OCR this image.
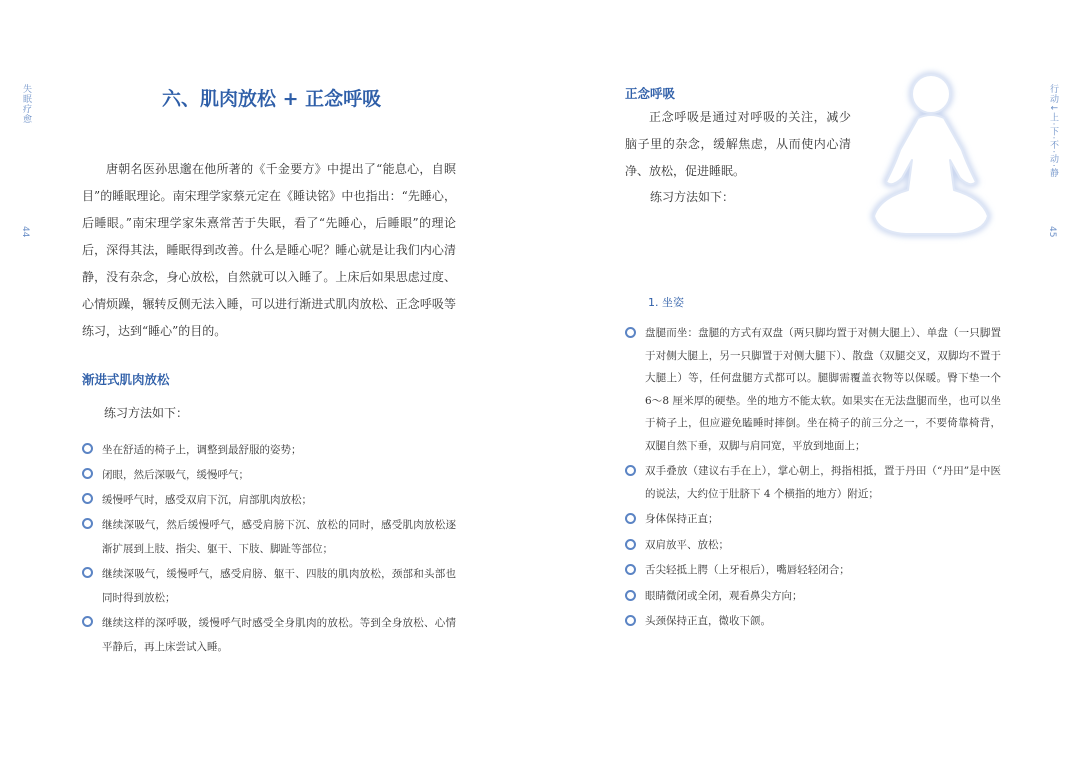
失眠疗愈
44
六、肌肉放松 + 正念呼吸

唐朝名医孙思邈在他所著的《千金要方》中提出了“能息心，自瞑目”的睡眠理论。南宋理学家蔡元定在《睡诀铭》中也指出：“先睡心，后睡眼。”南宋理学家朱熹常苦于失眠，看了“先睡心，后睡眼”的理论后，深得其法，睡眠得到改善。什么是睡心呢？睡心就是让我们内心清静，没有杂念，身心放松，自然就可以入睡了。上床后如果思虑过度、心情烦躁，辗转反侧无法入睡，可以进行渐进式肌肉放松、正念呼吸等练习，达到“睡心”的目的。

渐进式肌肉放松
练习方法如下：
坐在舒适的椅子上，调整到最舒服的姿势；
闭眼，然后深吸气，缓慢呼气；
缓慢呼气时，感受双肩下沉，肩部肌肉放松；
继续深吸气，然后缓慢呼气，感受肩膀下沉、放松的同时，感受肌肉放松逐渐扩展到上肢、指尖、躯干、下肢、脚趾等部位；
继续深吸气，缓慢呼气，感受肩膀、躯干、四肢的肌肉放松，颈部和头部也同时得到放松；
继续这样的深呼吸，缓慢呼气时感受全身肌肉的放松。等到全身放松、心情平静后，再上床尝试入睡。
行动↓上·下·不·动·静
45
正念呼吸

正念呼吸是通过对呼吸的关注，减少脑子里的杂念，缓解焦虑，从而使内心清净、放松，促进睡眠。

练习方法如下：
1. 坐姿
盘腿而坐：盘腿的方式有双盘（两只脚均置于对侧大腿上）、单盘（一只脚置于对侧大腿上，另一只脚置于对侧大腿下）、散盘（双腿交叉，双脚均不置于大腿上）等，任何盘腿方式都可以。腿脚需覆盖衣物等以保暖。臀下垫一个 6～8 厘米厚的硬垫。坐的地方不能太软。如果实在无法盘腿而坐，也可以坐于椅子上，但应避免瞌睡时摔倒。坐在椅子的前三分之一，不要倚靠椅背，双腿自然下垂，双脚与肩同宽，平放到地面上；
双手叠放（建议右手在上），掌心朝上，拇指相抵，置于丹田（“丹田”是中医的说法，大约位于肚脐下 4 个横指的地方）附近；
身体保持正直；
双肩放平、放松；
舌尖轻抵上腭（上牙根后），嘴唇轻轻闭合；
眼睛微闭或全闭，观看鼻尖方向；
头颈保持正直，微收下颌。
